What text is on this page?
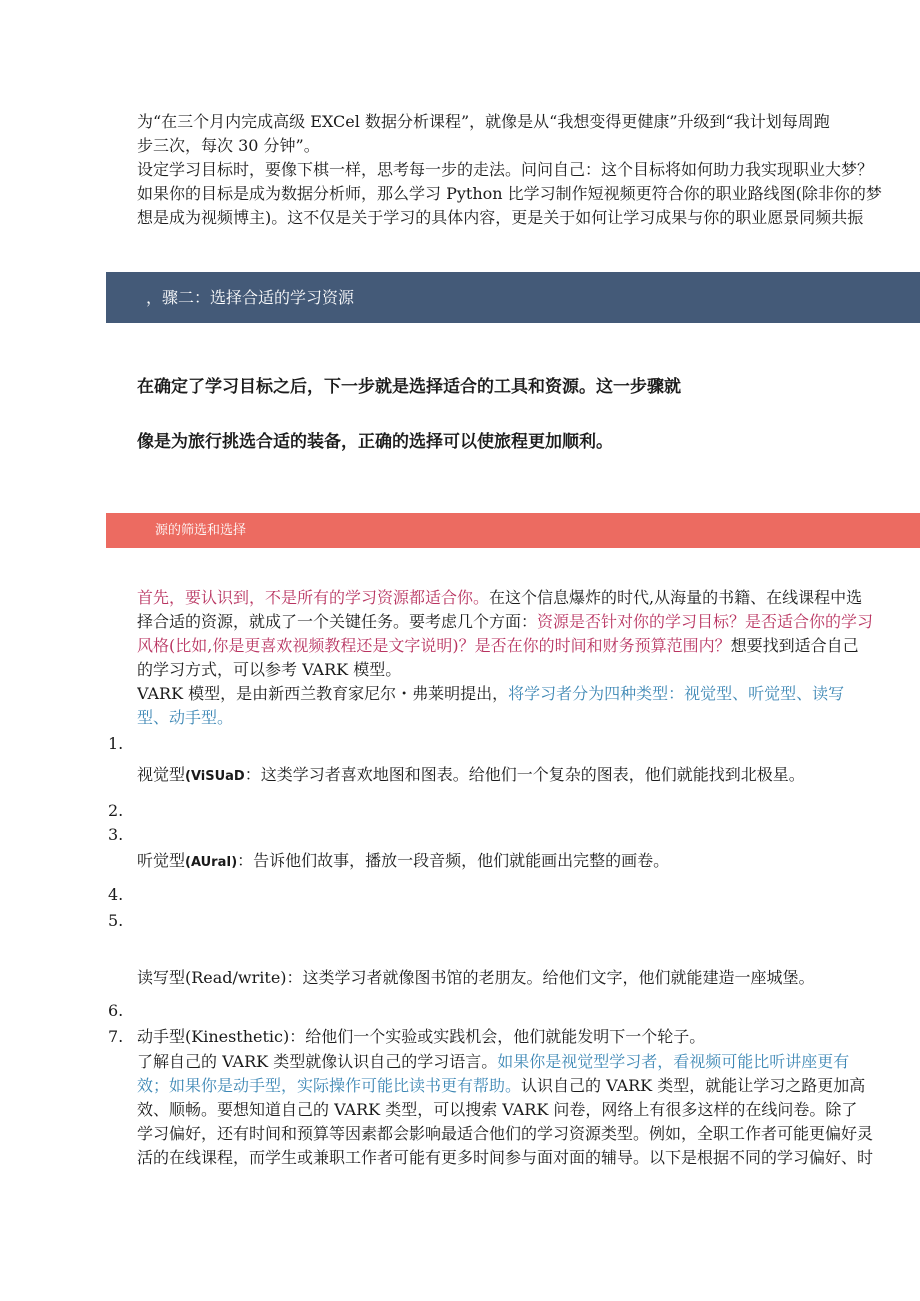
为“在三个月内完成高级 EXCel 数据分析课程”，就像是从“我想变得更健康”升级到“我计划每周跑

步三次，每次 30 分钟”。

设定学习目标时，要像下棋一样，思考每一步的走法。问问自己：这个目标将如何助力我实现职业大梦？

如果你的目标是成为数据分析师，那么学习 Python 比学习制作短视频更符合你的职业路线图(除非你的梦

想是成为视频博主)。这不仅是关于学习的具体内容，更是关于如何让学习成果与你的职业愿景同频共振

，骤二：选择合适的学习资源

在确定了学习目标之后，下一步就是选择适合的工具和资源。这一步骤就

像是为旅行挑选合适的装备，正确的选择可以使旅程更加顺利。

源的筛选和选择

首先，要认识到，不是所有的学习资源都适合你。在这个信息爆炸的时代,从海量的书籍、在线课程中选

择合适的资源，就成了一个关键任务。要考虑几个方面：资源是否针对你的学习目标？是否适合你的学习

风格(比如,你是更喜欢视频教程还是文字说明)？是否在你的时间和财务预算范围内？想要找到适合自己

的学习方式，可以参考 VARK 模型。

VARK 模型，是由新西兰教育家尼尔・弗莱明提出，将学习者分为四种类型：视觉型、听觉型、读写

型、动手型。

1.
2.
3.
4.
5.
6.
7.

视觉型(ViSUaD：这类学习者喜欢地图和图表。给他们一个复杂的图表，他们就能找到北极星。

听觉型(AUraI)：告诉他们故事，播放一段音频，他们就能画出完整的画卷。

读写型(Read/write)：这类学习者就像图书馆的老朋友。给他们文字，他们就能建造一座城堡。

动手型(Kinesthetic)：给他们一个实验或实践机会，他们就能发明下一个轮子。

了解自己的 VARK 类型就像认识自己的学习语言。如果你是视觉型学习者，看视频可能比听讲座更有

效；如果你是动手型，实际操作可能比读书更有帮助。认识自己的 VARK 类型，就能让学习之路更加高

效、顺畅。要想知道自己的 VARK 类型，可以搜索 VARK 问卷，网络上有很多这样的在线问卷。除了

学习偏好，还有时间和预算等因素都会影响最适合他们的学习资源类型。例如，全职工作者可能更偏好灵

活的在线课程，而学生或兼职工作者可能有更多时间参与面对面的辅导。以下是根据不同的学习偏好、时
